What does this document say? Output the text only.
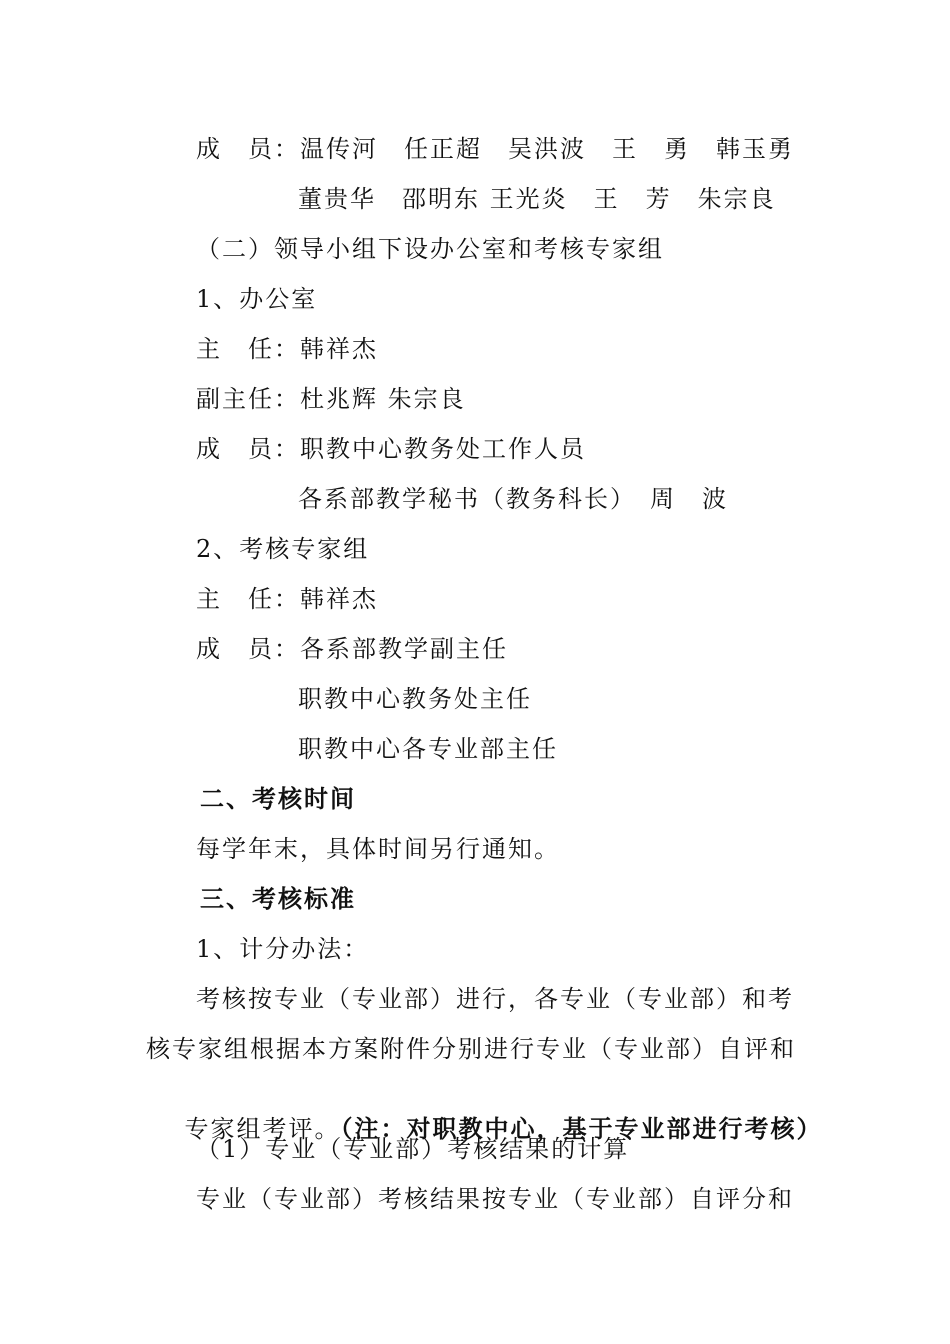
成　员：温传河　任正超　吴洪波　王　勇　韩玉勇
董贵华　邵明东 王光炎　王　芳　朱宗良
（二）领导小组下设办公室和考核专家组
1、办公室
主　任：韩祥杰
副主任：杜兆辉 朱宗良
成　员：职教中心教务处工作人员
各系部教学秘书（教务科长）　周　波
2、考核专家组
主　任：韩祥杰
成　员：各系部教学副主任
职教中心教务处主任
职教中心各专业部主任
二、考核时间
每学年末，具体时间另行通知。
三、考核标准
1、计分办法：
考核按专业（专业部）进行，各专业（专业部）和考
核专家组根据本方案附件分别进行专业（专业部）自评和

专家组考评。（注：对职教中心，基于专业部进行考核）

（1）专业（专业部）考核结果的计算
专业（专业部）考核结果按专业（专业部）自评分和
